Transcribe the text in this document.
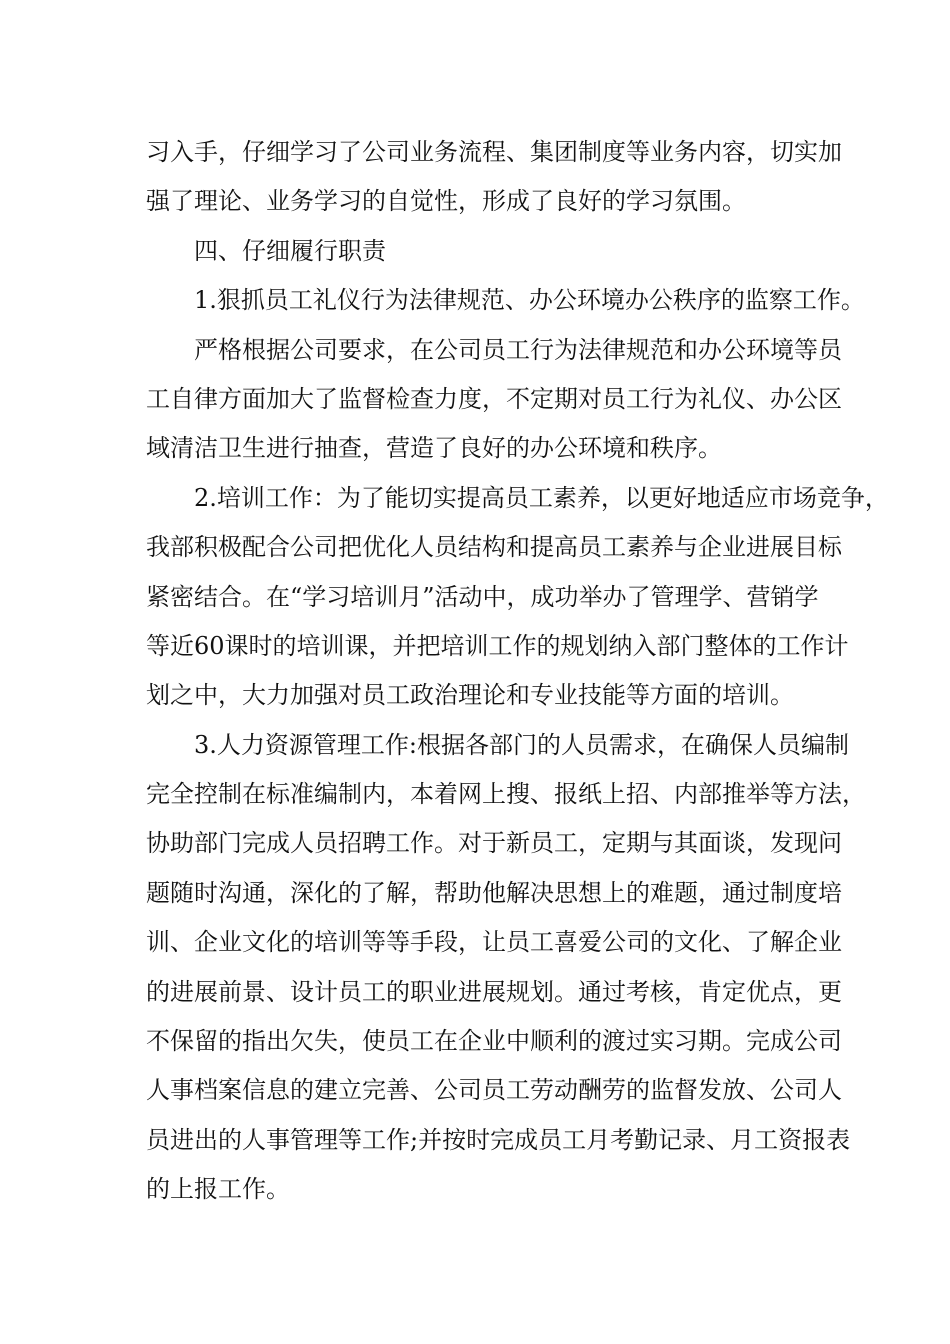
习入手，仔细学习了公司业务流程、集团制度等业务内容，切实加
强了理论、业务学习的自觉性，形成了良好的学习氛围。
四、仔细履行职责
1.狠抓员工礼仪行为法律规范、办公环境办公秩序的监察工作。
严格根据公司要求，在公司员工行为法律规范和办公环境等员
工自律方面加大了监督检查力度，不定期对员工行为礼仪、办公区
域清洁卫生进行抽查，营造了良好的办公环境和秩序。
2.培训工作：为了能切实提高员工素养，以更好地适应市场竞争，
我部积极配合公司把优化人员结构和提高员工素养与企业进展目标
紧密结合。在“学习培训月”活动中，成功举办了管理学、营销学
等近60课时的培训课，并把培训工作的规划纳入部门整体的工作计
划之中，大力加强对员工政治理论和专业技能等方面的培训。
3.人力资源管理工作:根据各部门的人员需求，在确保人员编制
完全控制在标准编制内，本着网上搜、报纸上招、内部推举等方法，
协助部门完成人员招聘工作。对于新员工，定期与其面谈，发现问
题随时沟通，深化的了解，帮助他解决思想上的难题，通过制度培
训、企业文化的培训等等手段，让员工喜爱公司的文化、了解企业
的进展前景、设计员工的职业进展规划。通过考核，肯定优点，更
不保留的指出欠失，使员工在企业中顺利的渡过实习期。完成公司
人事档案信息的建立完善、公司员工劳动酬劳的监督发放、公司人
员进出的人事管理等工作;并按时完成员工月考勤记录、月工资报表
的上报工作。
